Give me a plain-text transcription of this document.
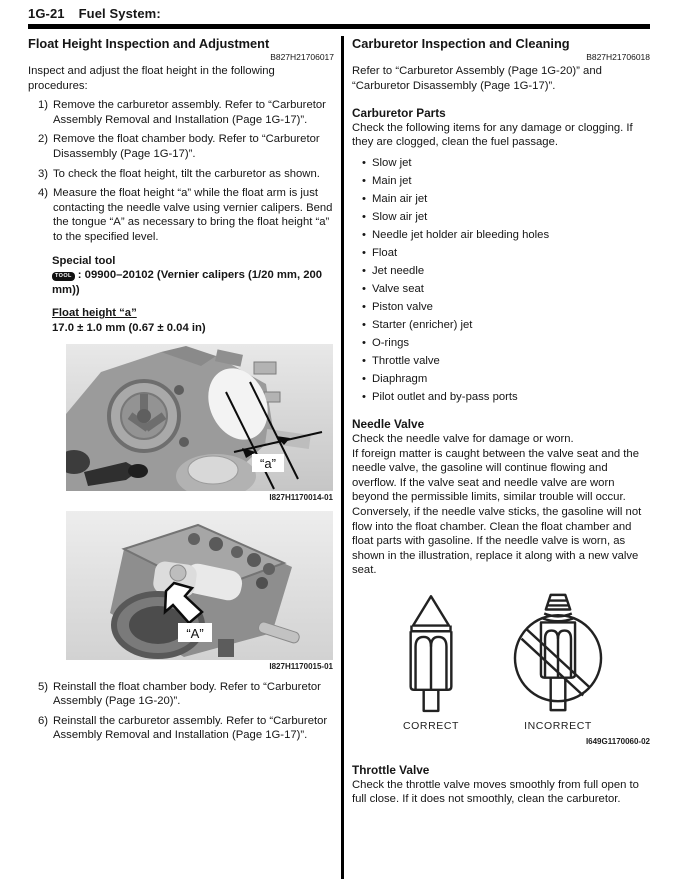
1G-21 Fuel System:
Float Height Inspection and Adjustment
B827H21706017
Inspect and adjust the float height in the following procedures:
1) Remove the carburetor assembly. Refer to “Carburetor Assembly Removal and Installation (Page 1G-17)”.
2) Remove the float chamber body. Refer to “Carburetor Disassembly (Page 1G-17)”.
3) To check the float height, tilt the carburetor as shown.
4) Measure the float height “a” while the float arm is just contacting the needle valve using vernier calipers. Bend the tongue “A” as necessary to bring the float height “a” to the specified level.
Special tool
TOOL : 09900–20102 (Vernier calipers (1/20 mm, 200 mm))
Float height “a”
17.0 ± 1.0 mm (0.67 ± 0.04 in)
“a”
I827H1170014-01
“A”
I827H1170015-01
5) Reinstall the float chamber body. Refer to “Carburetor Assembly (Page 1G-20)”.
6) Reinstall the carburetor assembly. Refer to “Carburetor Assembly Removal and Installation (Page 1G-17)”.
Carburetor Inspection and Cleaning
B827H21706018
Refer to “Carburetor Assembly (Page 1G-20)” and “Carburetor Disassembly (Page 1G-17)”.
Carburetor Parts
Check the following items for any damage or clogging. If they are clogged, clean the fuel passage.
• Slow jet
• Main jet
• Main air jet
• Slow air jet
• Needle jet holder air bleeding holes
• Float
• Jet needle
• Valve seat
• Piston valve
• Starter (enricher) jet
• O-rings
• Throttle valve
• Diaphragm
• Pilot outlet and by-pass ports
Needle Valve
Check the needle valve for damage or worn.
If foreign matter is caught between the valve seat and the needle valve, the gasoline will continue flowing and overflow. If the valve seat and needle valve are worn beyond the permissible limits, similar trouble will occur. Conversely, if the needle valve sticks, the gasoline will not flow into the float chamber. Clean the float chamber and float parts with gasoline. If the needle valve is worn, as shown in the illustration, replace it along with a new valve seat.
CORRECT	INCORRECT
I649G1170060-02
Throttle Valve
Check the throttle valve moves smoothly from full open to full close. If it does not smoothly, clean the carburetor.
